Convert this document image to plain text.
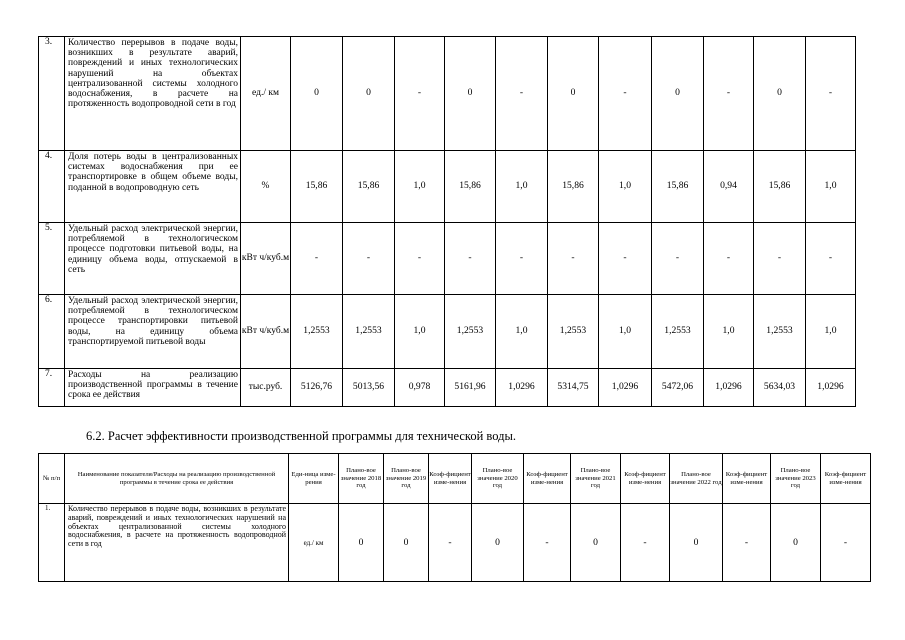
3.	Количество перерывов в подаче воды, возникших в результате аварий, повреждений и иных технологических нарушений на объектах централизованной системы холодного водоснабжения, в расчете на протяженность водопроводной сети в год	ед./ км	0	0	-	0	-	0	-	0	-	0	-
4.	Доля потерь воды в централизованных системах водоснабжения при ее транспортировке в общем объеме воды, поданной в водопроводную сеть	%	15,86	15,86	1,0	15,86	1,0	15,86	1,0	15,86	0,94	15,86	1,0
5.	Удельный расход электрической энергии, потребляемой в технологическом процессе подготовки питьевой воды, на единицу объема воды, отпускаемой в сеть	кВт ч/куб.м	-	-	-	-	-	-	-	-	-	-	-
6.	Удельный расход электрической энергии, потребляемой в технологическом процессе транспортировки питьевой воды, на единицу объема транспортируемой питьевой воды	кВт ч/куб.м	1,2553	1,2553	1,0	1,2553	1,0	1,2553	1,0	1,2553	1,0	1,2553	1,0
7.	Расходы на реализацию производственной программы в течение срока ее действия	тыс.руб.	5126,76	5013,56	0,978	5161,96	1,0296	5314,75	1,0296	5472,06	1,0296	5634,03	1,0296
6.2. Расчет эффективности производственной программы для технической воды.
№ п/п	Наименование показателя/Расходы на реализацию производственной программы в течение срока ее действия	Еди-ница изме-рения	Плано-вое значение 2018 год	Плано-вое значение 2019 год	Коэф-фициент изме-нения	Плано-вое значение 2020 год	Коэф-фициент изме-нения	Плано-вое значение 2021 год	Коэф-фициент изме-нения	Плано-вое значение 2022 год	Коэф-фициент изме-нения	Плано-вое значение 2023 год	Коэф-фициент изме-нения
1.	Количество перерывов в подаче воды, возникших в результате аварий, повреждений и иных технологических нарушений на объектах централизованной системы холодного водоснабжения, в расчете на протяженность водопроводной сети в год	ед./ км	0	0	-	0	-	0	-	0	-	0	-
